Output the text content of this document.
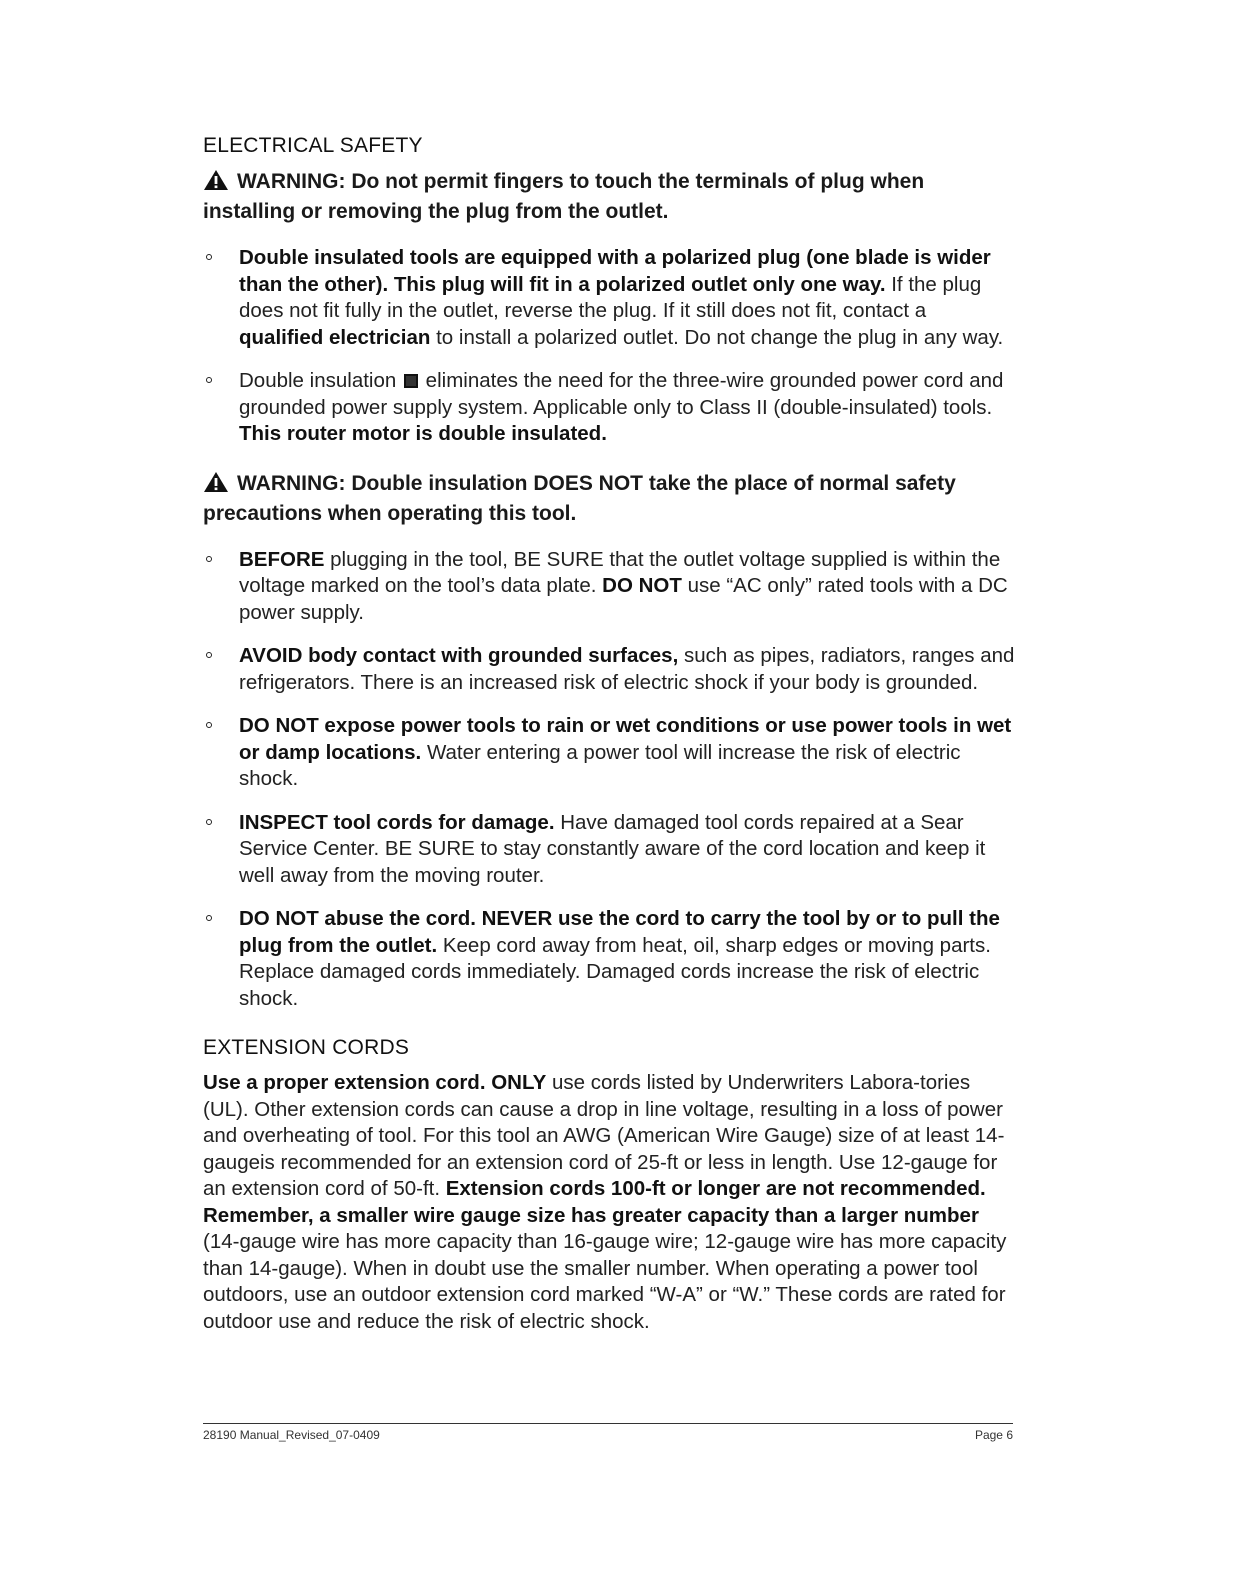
ELECTRICAL SAFETY

WARNING: Do not permit fingers to touch the terminals of plug when installing or removing the plug from the outlet.

Double insulated tools are equipped with a polarized plug (one blade is wider than the other). This plug will fit in a polarized outlet only one way. If the plug does not fit fully in the outlet, reverse the plug. If it still does not fit, contact a qualified electrician to install a polarized outlet. Do not change the plug in any way.
Double insulation  eliminates the need for the three-wire grounded power cord and grounded power supply system. Applicable only to Class II (double-insulated) tools. This router motor is double insulated.

WARNING: Double insulation DOES NOT take the place of normal safety precautions when operating this tool.

BEFORE plugging in the tool, BE SURE that the outlet voltage supplied is within the voltage marked on the tool’s data plate. DO NOT use “AC only” rated tools with a DC power supply.
AVOID body contact with grounded surfaces, such as pipes, radiators, ranges and refrigerators. There is an increased risk of electric shock if your body is grounded.
DO NOT expose power tools to rain or wet conditions or use power tools in wet or damp locations. Water entering a power tool will increase the risk of electric shock.
INSPECT tool cords for damage. Have damaged tool cords repaired at a Sear Service Center. BE SURE to stay constantly aware of the cord location and keep it well away from the moving router.
DO NOT abuse the cord. NEVER use the cord to carry the tool by or to pull the plug from the outlet. Keep cord away from heat, oil, sharp edges or moving parts. Replace damaged cords immediately. Damaged cords increase the risk of electric shock.
EXTENSION CORDS

Use a proper extension cord. ONLY use cords listed by Underwriters Labora-tories (UL). Other extension cords can cause a drop in line voltage, resulting in a loss of power and overheating of tool. For this tool an AWG (American Wire Gauge) size of at least 14-gaugeis recommended for an extension cord of 25-ft or less in length. Use 12-gauge for an extension cord of 50-ft. Extension cords 100-ft or longer are not recommended. Remember, a smaller wire gauge size has greater capacity than a larger number (14-gauge wire has more capacity than 16-gauge wire; 12-gauge wire has more capacity than 14-gauge). When in doubt use the smaller number. When operating a power tool outdoors, use an outdoor extension cord marked “W-A” or “W.” These cords are rated for outdoor use and reduce the risk of electric shock.

28190 Manual_Revised_07-0409	Page 6
